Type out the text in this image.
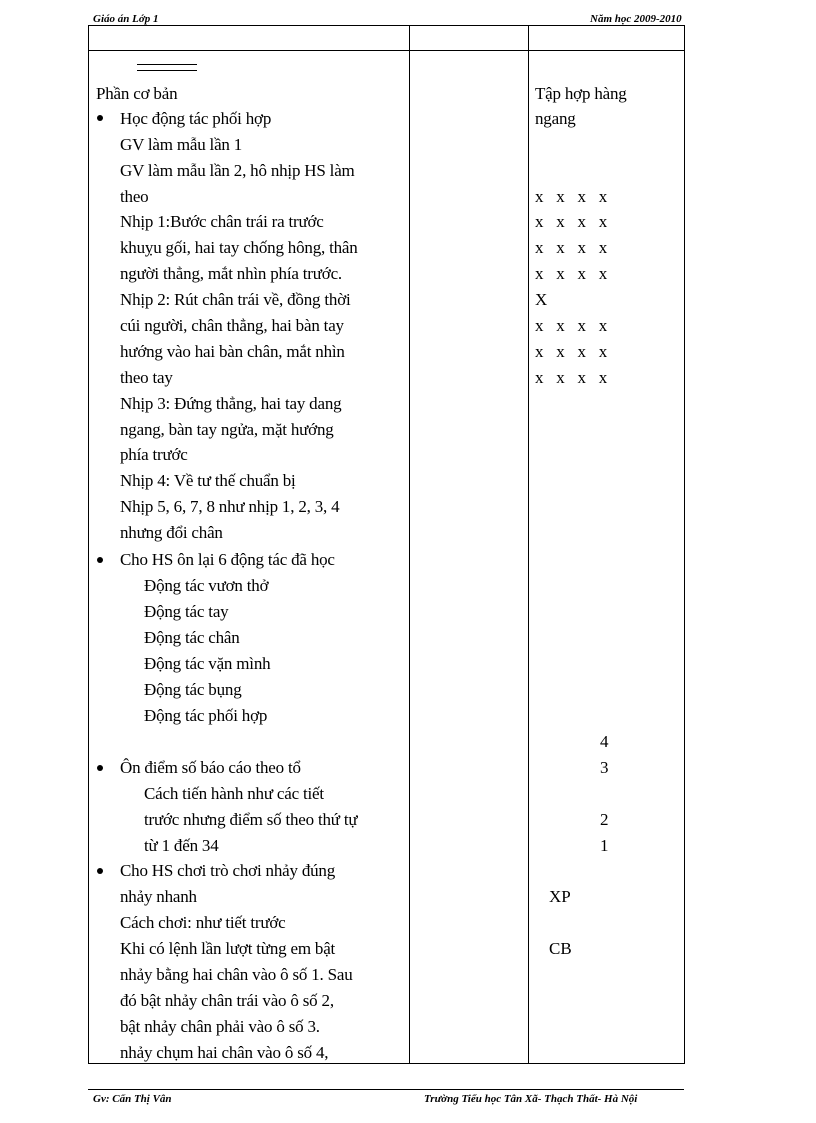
Giáo án Lớp 1	Năm học 2009-2010
Phần cơ bản
Học động tác phối hợp
GV làm mẫu lần 1
GV làm mẫu lần 2, hô nhịp HS làm
theo
Nhịp 1:Bước chân trái ra trước
khuỵu gối, hai tay chống hông, thân
người thẳng, mắt nhìn phía trước.
Nhịp 2: Rút chân trái về, đồng thời
cúi người, chân thẳng, hai bàn tay
hướng vào hai bàn chân, mắt nhìn
theo tay
Nhịp 3: Đứng thẳng, hai tay dang
ngang, bàn tay ngửa, mặt hướng
phía trước
Nhịp 4: Về tư thế chuẩn bị
Nhịp 5, 6, 7, 8 như nhịp 1, 2, 3, 4
nhưng đổi chân
Cho HS ôn lại 6 động tác đã học
Động tác vươn thở
Động tác tay
Động tác chân
Động tác vặn mình
Động tác bụng
Động tác phối hợp
Ôn điểm số báo cáo theo tổ
Cách tiến hành như các tiết
trước nhưng điểm số theo thứ tự
từ 1 đến 34
Cho HS chơi trò chơi nhảy đúng
nhảy nhanh
Cách chơi: như tiết trước
Khi có lệnh lần lượt từng em bật
nhảy bằng hai chân vào ô số 1. Sau
đó bật nhảy chân trái vào ô số 2,
bật nhảy chân phải vào ô số 3.
nhảy chụm hai chân vào ô số 4,
Tập hợp hàng
ngang
x   x   x   x
x   x   x   x
x   x   x   x
x   x   x   x
X
x   x   x   x
x   x   x   x
x   x   x   x
4
3
2
1
XP
CB
Gv: Cấn Thị Vân	Trường Tiểu học Tân Xã- Thạch Thất- Hà Nội
